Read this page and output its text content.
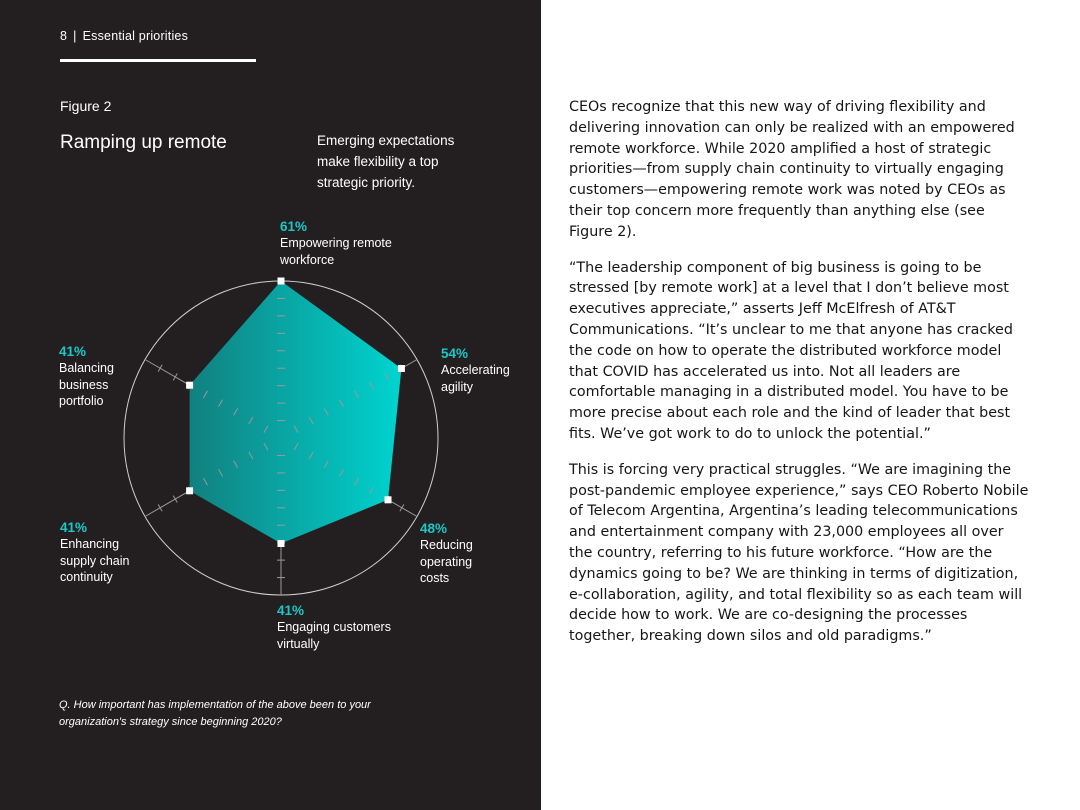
8 | Essential priorities
Figure 2
Ramping up remote	Emerging expectations make flexibility a top strategic priority.
61%
Empowering remote
workforce
54%
Accelerating
agility
48%
Reducing
operating
costs
41%
Engaging customers
virtually
41%
Enhancing
supply chain
continuity
41%
Balancing
business
portfolio
Q. How important has implementation of the above been to your organization's strategy since beginning 2020?

CEOs recognize that this new way of driving flexibility and delivering innovation can only be realized with an empowered remote workforce. While 2020 amplified a host of strategic priorities—from supply chain continuity to virtually engaging customers—empowering remote work was noted by CEOs as their top concern more frequently than anything else (see Figure 2).

“The leadership component of big business is going to be stressed [by remote work] at a level that I don’t believe most executives appreciate,” asserts Jeff McElfresh of AT&T Communications. “It’s unclear to me that anyone has cracked the code on how to operate the distributed workforce model that COVID has accelerated us into. Not all leaders are comfortable managing in a distributed model. You have to be more precise about each role and the kind of leader that best fits. We’ve got work to do to unlock the potential.”

This is forcing very practical struggles. “We are imagining the post-pandemic employee experience,” says CEO Roberto Nobile of Telecom Argentina, Argentina’s leading telecommunications and entertainment company with 23,000 employees all over the country, referring to his future workforce. “How are the dynamics going to be? We are thinking in terms of digitization, e-collaboration, agility, and total flexibility so as each team will decide how to work. We are co-designing the processes together, breaking down silos and old paradigms.”
